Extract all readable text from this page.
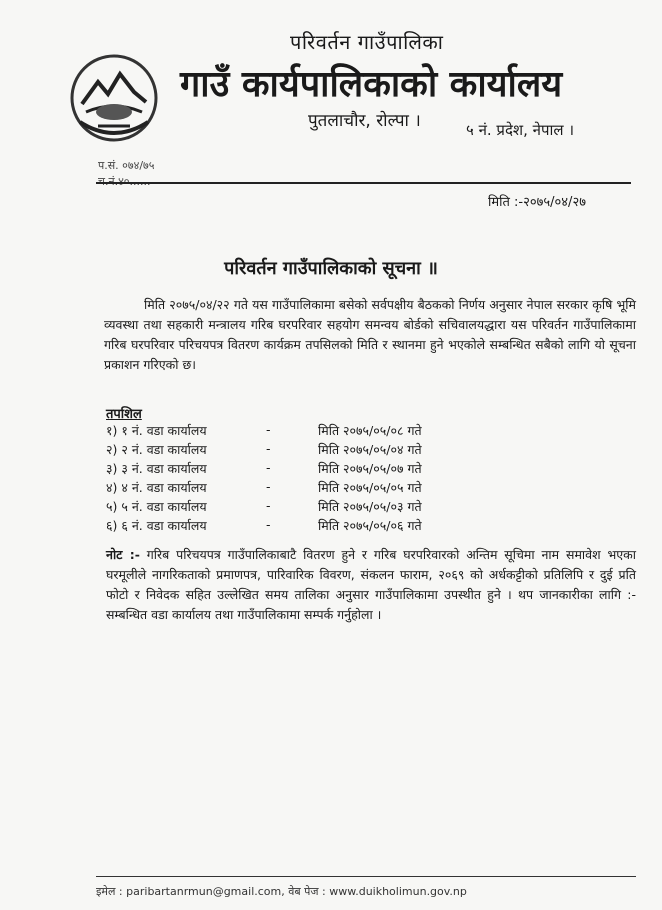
परिवर्तन गाउँपालिका
गाउँ कार्यपालिकाको कार्यालय
पुतलाचौर, रोल्पा ।	५ नं. प्रदेश, नेपाल ।
प.सं. ०७४/७५
मिति :-२०७५/०४/२७
परिवर्तन गाउँपालिकाको सूचना ॥
मिति २०७५/०४/२२ गते यस गाउँपालिकामा बसेको सर्वपक्षीय बैठकको निर्णय अनुसार नेपाल सरकार कृषि भूमि व्यवस्था तथा सहकारी मन्त्रालय गरिब घरपरिवार सहयोग समन्वय बोर्डको सचिवालयद्धारा यस परिवर्तन गाउँपालिकामा गरिब घरपरिवार परिचयपत्र वितरण कार्यक्रम तपसिलको मिति र स्थानमा हुने भएकोले सम्बन्धित सबैको लागि यो सूचना प्रकाशन गरिएको छ।
तपशिल
१) १ नं. वडा कार्यालय	-	मिति २०७५/०५/०८ गते
२) २ नं. वडा कार्यालय	-	मिति २०७५/०५/०४ गते
३) ३ नं. वडा कार्यालय	-	मिति २०७५/०५/०७ गते
४) ४ नं. वडा कार्यालय	-	मिति २०७५/०५/०५ गते
५) ५ नं. वडा कार्यालय	-	मिति २०७५/०५/०३ गते
६) ६ नं. वडा कार्यालय	-	मिति २०७५/०५/०६ गते
नोट :- गरिब परिचयपत्र गाउँपालिकाबाटै वितरण हुने र गरिब घरपरिवारको अन्तिम सूचिमा नाम समावेश भएका घरमूलीले नागरिकताको प्रमाणपत्र, पारिवारिक विवरण, संकलन फाराम, २०६९ को अर्धकट्टीको प्रतिलिपि र दुई प्रति फोटो र निवेदक सहित उल्लेखित समय तालिका अनुसार गाउँपालिकामा उपस्थीत हुने । थप जानकारीका लागि :- सम्बन्धित वडा कार्यालय तथा गाउँपालिकामा सम्पर्क गर्नुहोला ।
इमेल : paribartanrmun@gmail.com, वेब पेज : www.duikholimun.gov.np
